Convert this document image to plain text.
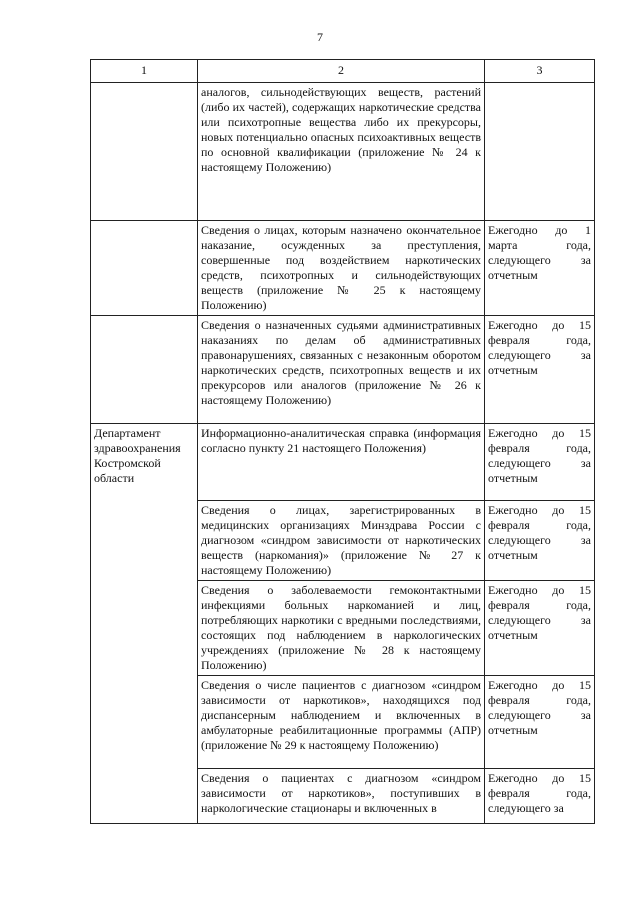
7
1	2	3
	аналогов, сильнодействующих веществ, растений (либо их частей), содержащих наркотические средства или психотропные вещества либо их прекурсоры, новых потенциально опасных психоактивных веществ по основной квалификации (приложение № 24 к настоящему Положению)	
	Сведения о лицах, которым назначено окончательное наказание, осужденных за преступления, совершенные под воздействием наркотических средств, психотропных и сильнодействующих веществ (приложение № 25 к настоящему Положению)	Ежегодно до 1 марта года, следующего за отчетным
	Сведения о назначенных судьями административных наказаниях по делам об административных правонарушениях, связанных с незаконным оборотом наркотических средств, психотропных веществ и их прекурсоров или аналогов (приложение № 26 к настоящему Положению)	Ежегодно до 15 февраля года, следующего за отчетным
Департамент здравоохранения Костромской области	Информационно-аналитическая справка (информация согласно пункту 21 настоящего Положения)	Ежегодно до 15 февраля года, следующего за отчетным
	Сведения о лицах, зарегистрированных в медицинских организациях Минздрава России с диагнозом «синдром зависимости от наркотических веществ (наркомания)» (приложение № 27 к настоящему Положению)	Ежегодно до 15 февраля года, следующего за отчетным
	Сведения о заболеваемости гемоконтактными инфекциями больных наркоманией и лиц, потребляющих наркотики с вредными последствиями, состоящих под наблюдением в наркологических учреждениях (приложение № 28 к настоящему Положению)	Ежегодно до 15 февраля года, следующего за отчетным
	Сведения о числе пациентов с диагнозом «синдром зависимости от наркотиков», находящихся под диспансерным наблюдением и включенных в амбулаторные реабилитационные программы (АПР) (приложение № 29 к настоящему Положению)	Ежегодно до 15 февраля года, следующего за отчетным
	Сведения о пациентах с диагнозом «синдром зависимости от наркотиков», поступивших в наркологические стационары и включенных в	Ежегодно до 15 февраля года, следующего за
